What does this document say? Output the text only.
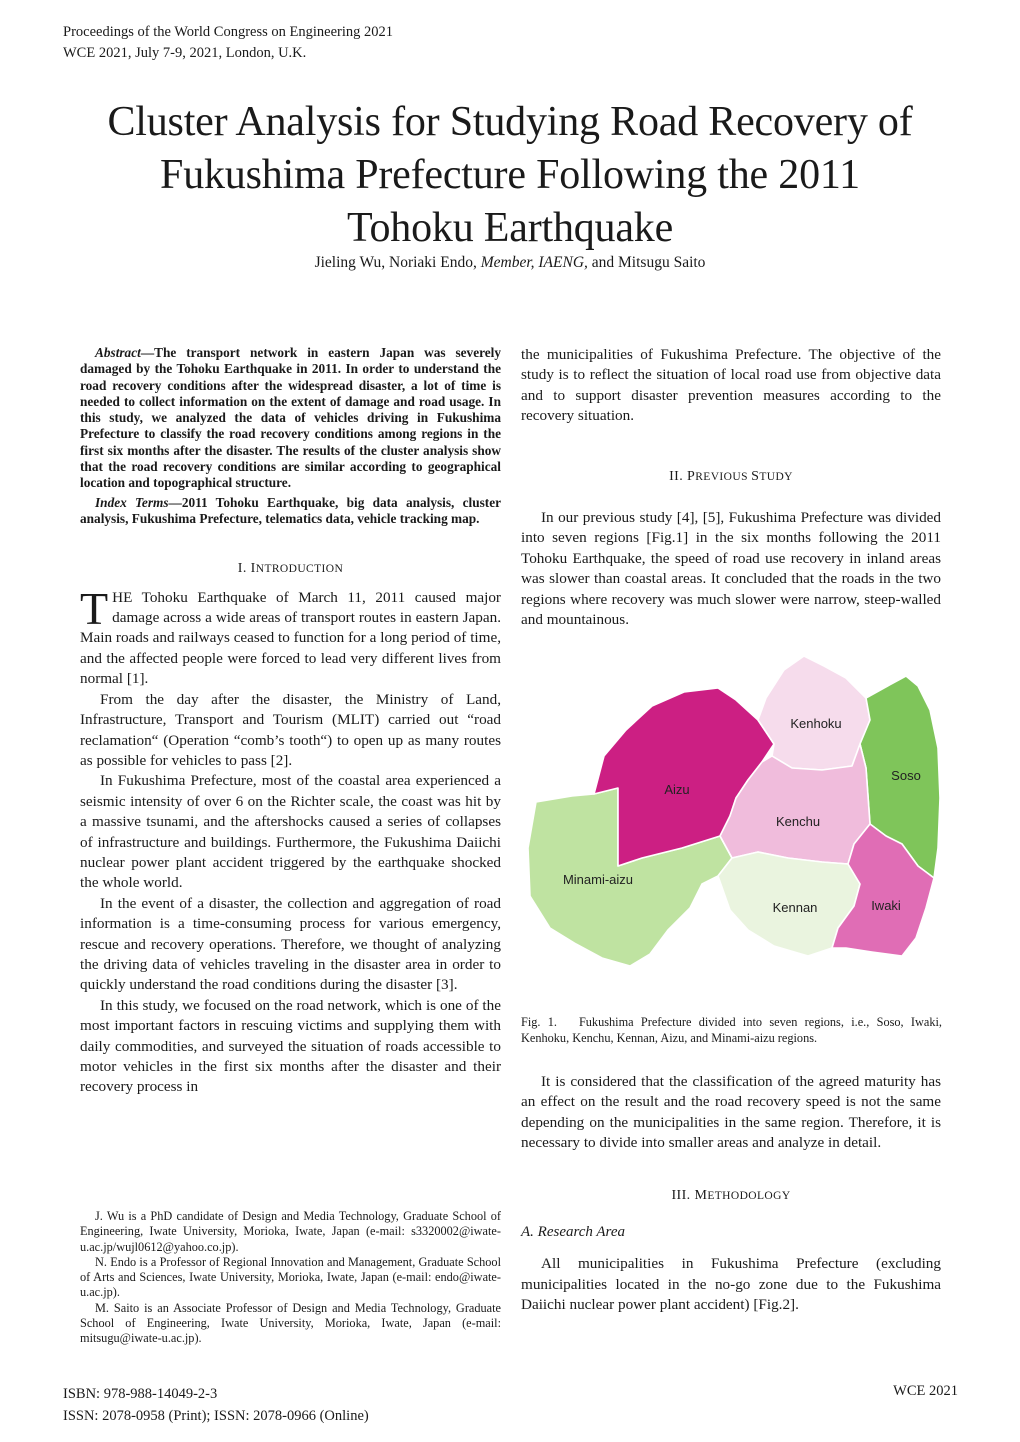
Proceedings of the World Congress on Engineering 2021
WCE 2021, July 7-9, 2021, London, U.K.
Cluster Analysis for Studying Road Recovery of
Fukushima Prefecture Following the 2011
Tohoku Earthquake
Jieling Wu, Noriaki Endo, Member, IAENG, and Mitsugu Saito

Abstract—The transport network in eastern Japan was severely damaged by the Tohoku Earthquake in 2011. In order to understand the road recovery conditions after the widespread disaster, a lot of time is needed to collect information on the extent of damage and road usage. In this study, we analyzed the data of vehicles driving in Fukushima Prefecture to classify the road recovery conditions among regions in the first six months after the disaster. The results of the cluster analysis show that the road recovery conditions are similar according to geographical location and topographical structure.

Index Terms—2011 Tohoku Earthquake, big data analysis, cluster analysis, Fukushima Prefecture, telematics data, vehicle tracking map.

I. INTRODUCTION

THE Tohoku Earthquake of March 11, 2011 caused major damage across a wide areas of transport routes in eastern Japan. Main roads and railways ceased to function for a long period of time, and the affected people were forced to lead very different lives from normal [1].

From the day after the disaster, the Ministry of Land, Infrastructure, Transport and Tourism (MLIT) carried out “road reclamation“ (Operation “comb’s tooth“) to open up as many routes as possible for vehicles to pass [2].

In Fukushima Prefecture, most of the coastal area experienced a seismic intensity of over 6 on the Richter scale, the coast was hit by a massive tsunami, and the aftershocks caused a series of collapses of infrastructure and buildings. Furthermore, the Fukushima Daiichi nuclear power plant accident triggered by the earthquake shocked the whole world.

In the event of a disaster, the collection and aggregation of road information is a time-consuming process for various emergency, rescue and recovery operations. Therefore, we thought of analyzing the driving data of vehicles traveling in the disaster area in order to quickly understand the road conditions during the disaster [3].

In this study, we focused on the road network, which is one of the most important factors in rescuing victims and supplying them with daily commodities, and surveyed the situation of roads accessible to motor vehicles in the first six months after the disaster and their recovery process in

J. Wu is a PhD candidate of Design and Media Technology, Graduate School of Engineering, Iwate University, Morioka, Iwate, Japan (e-mail: s3320002@iwate-u.ac.jp/wujl0612@yahoo.co.jp).

N. Endo is a Professor of Regional Innovation and Management, Graduate School of Arts and Sciences, Iwate University, Morioka, Iwate, Japan (e-mail: endo@iwate-u.ac.jp).

M. Saito is an Associate Professor of Design and Media Technology, Graduate School of Engineering, Iwate University, Morioka, Iwate, Japan (e-mail: mitsugu@iwate-u.ac.jp).

the municipalities of Fukushima Prefecture. The objective of the study is to reflect the situation of local road use from objective data and to support disaster prevention measures according to the recovery situation.

II. PREVIOUS STUDY

In our previous study [4], [5], Fukushima Prefecture was divided into seven regions [Fig.1] in the six months following the 2011 Tohoku Earthquake, the speed of road use recovery in inland areas was slower than coastal areas. It concluded that the roads in the two regions where recovery was much slower were narrow, steep-walled and mountainous.

Aizu
Kenhoku
Soso
Kenchu
Minami-aizu
Kennan	Iwaki
Fig. 1. Fukushima Prefecture divided into seven regions, i.e., Soso, Iwaki, Kenhoku, Kenchu, Kennan, Aizu, and Minami-aizu regions.

It is considered that the classification of the agreed maturity has an effect on the result and the road recovery speed is not the same depending on the municipalities in the same region. Therefore, it is necessary to divide into smaller areas and analyze in detail.

III. METHODOLOGY
A. Research Area

All municipalities in Fukushima Prefecture (excluding municipalities located in the no-go zone due to the Fukushima Daiichi nuclear power plant accident) [Fig.2].

ISBN: 978-988-14049-2-3
ISSN: 2078-0958 (Print); ISSN: 2078-0966 (Online)
WCE 2021
